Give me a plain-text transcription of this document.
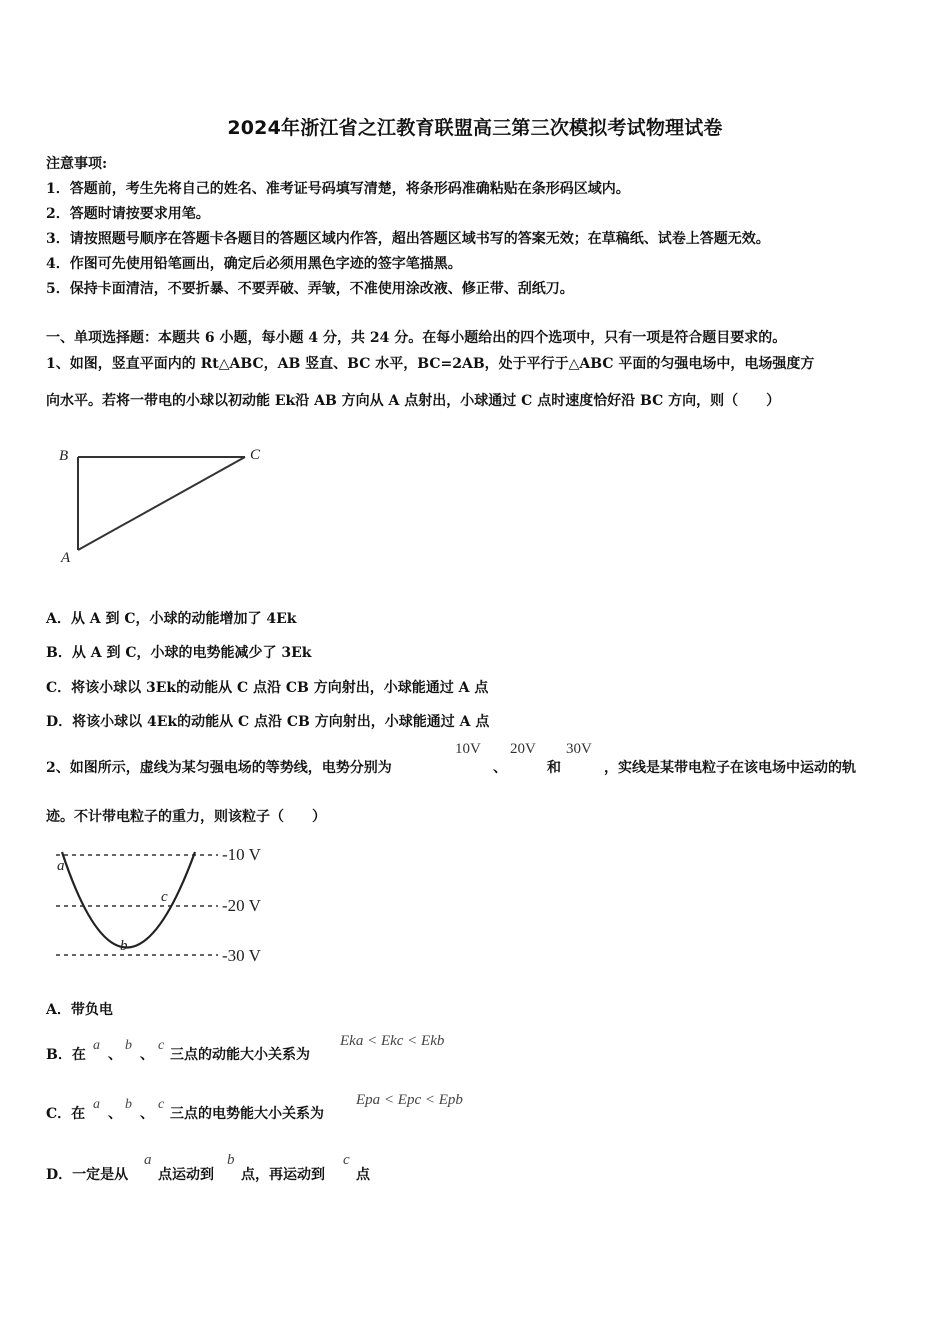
2024年浙江省之江教育联盟高三第三次模拟考试物理试卷
注意事项:
1．答题前，考生先将自己的姓名、准考证号码填写清楚，将条形码准确粘贴在条形码区域内。
2．答题时请按要求用笔。
3．请按照题号顺序在答题卡各题目的答题区域内作答，超出答题区域书写的答案无效；在草稿纸、试卷上答题无效。
4．作图可先使用铅笔画出，确定后必须用黑色字迹的签字笔描黑。
5．保持卡面清洁，不要折暴、不要弄破、弄皱，不准使用涂改液、修正带、刮纸刀。
一、单项选择题：本题共 6 小题，每小题 4 分，共 24 分。在每小题给出的四个选项中，只有一项是符合题目要求的。
1、如图，竖直平面内的 Rt△ABC，AB 竖直、BC 水平，BC=2AB，处于平行于△ABC 平面的匀强电场中，电场强度方
向水平。若将一带电的小球以初动能 Ek沿 AB 方向从 A 点射出，小球通过 C 点时速度恰好沿 BC 方向，则（　　）
B	C
A
A．从 A 到 C，小球的动能增加了 4Ek
B．从 A 到 C，小球的电势能减少了 3Ek
C．将该小球以 3Ek的动能从 C 点沿 CB 方向射出，小球能通过 A 点
D．将该小球以 4Ek的动能从 C 点沿 CB 方向射出，小球能通过 A 点
2、如图所示，虚线为某匀强电场的等势线，电势分别为
10V
、
20V
和
30V
，实线是某带电粒子在该电场中运动的轨
迹。不计带电粒子的重力，则该粒子（　　）
a
c
b
-10 V
-20 V
-30 V
A．带负电
B．在
a
、
b
、
c
三点的动能大小关系为
Eka < Ekc < Ekb
C．在
a
、
b
、
c
三点的电势能大小关系为
Epa < Epc < Epb
D．一定是从
a
点运动到
b
点，再运动到
c
点
